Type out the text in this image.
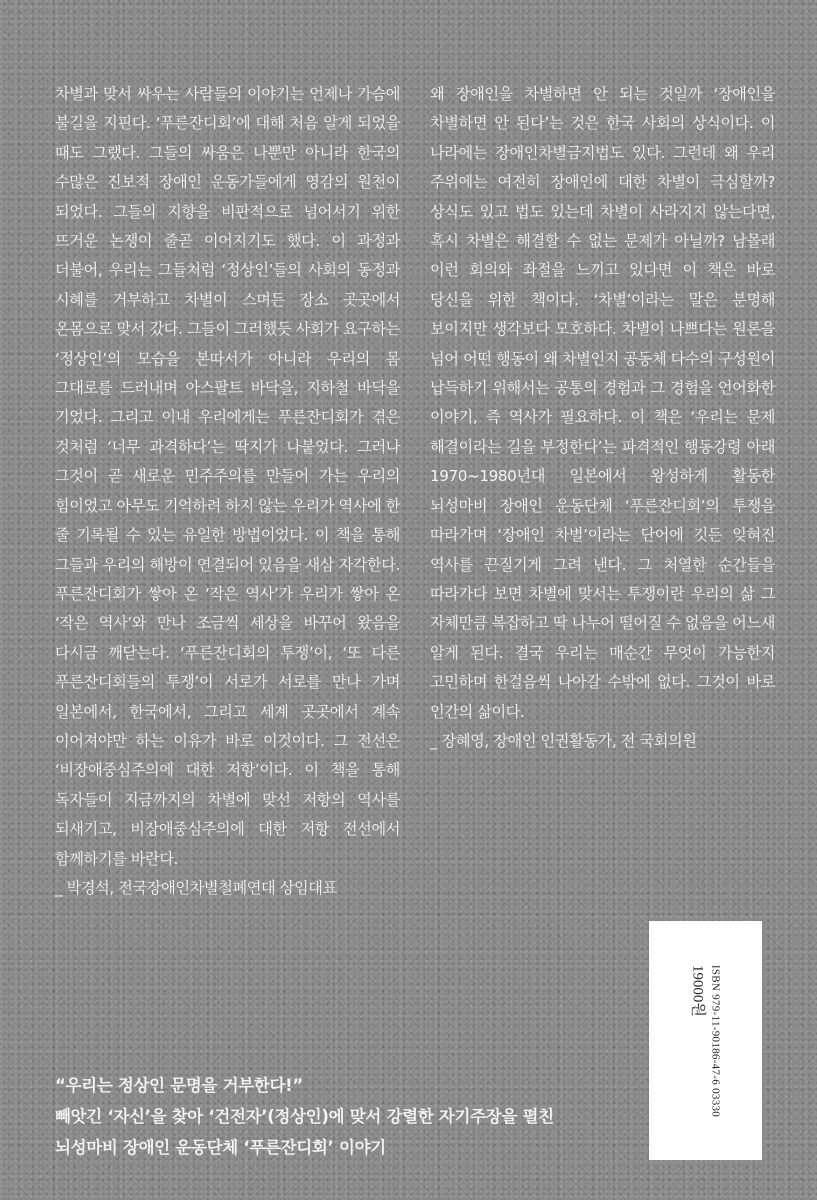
차별과 맞서 싸우는 사람들의 이야기는 언제나 가슴에 불길을 지핀다. ‘푸른잔디회’에 대해 처음 알게 되었을 때도 그랬다. 그들의 싸움은 나뿐만 아니라 한국의 수많은 진보적 장애인 운동가들에게 영감의 원천이 되었다. 그들의 지향을 비판적으로 넘어서기 위한 뜨거운 논쟁이 줄곧 이어지기도 했다. 이 과정과 더불어, 우리는 그들처럼 ‘정상인’들의 사회의 동정과 시혜를 거부하고 차별이 스며든 장소 곳곳에서 온몸으로 맞서 갔다. 그들이 그러했듯 사회가 요구하는 ‘정상인’의 모습을 본따서가 아니라 우리의 몸 그대로를 드러내며 아스팔트 바닥을, 지하철 바닥을 기었다. 그리고 이내 우리에게는 푸른잔디회가 겪은 것처럼 ‘너무 과격하다’는 딱지가 나붙었다. 그러나 그것이 곧 새로운 민주주의를 만들어 가는 우리의 힘이었고 아무도 기억하려 하지 않는 우리가 역사에 한 줄 기록될 수 있는 유일한 방법이었다. 이 책을 통해 그들과 우리의 해방이 연결되어 있음을 새삼 자각한다. 푸른잔디회가 쌓아 온 ‘작은 역사’가 우리가 쌓아 온 ‘작은 역사’와 만나 조금씩 세상을 바꾸어 왔음을 다시금 깨닫는다. ‘푸른잔디회의 투쟁’이, ‘또 다른 푸른잔디회들의 투쟁’이 서로가 서로를 만나 가며 일본에서, 한국에서, 그리고 세계 곳곳에서 계속 이어져야만 하는 이유가 바로 이것이다. 그 전선은 ‘비장애중심주의에 대한 저항’이다. 이 책을 통해 독자들이 지금까지의 차별에 맞선 저항의 역사를 되새기고, 비장애중심주의에 대한 저항 전선에서 함께하기를 바란다.

_ 박경석, 전국장애인차별철폐연대 상임대표

왜 장애인을 차별하면 안 되는 것일까 ‘장애인을 차별하면 안 된다’는 것은 한국 사회의 상식이다. 이 나라에는 장애인차별금지법도 있다. 그런데 왜 우리 주위에는 여전히 장애인에 대한 차별이 극심할까? 상식도 있고 법도 있는데 차별이 사라지지 않는다면, 혹시 차별은 해결할 수 없는 문제가 아닐까? 남몰래 이런 회의와 좌절을 느끼고 있다면 이 책은 바로 당신을 위한 책이다. ‘차별’이라는 말은 분명해 보이지만 생각보다 모호하다. 차별이 나쁘다는 원론을 넘어 어떤 행동이 왜 차별인지 공동체 다수의 구성원이 납득하기 위해서는 공통의 경험과 그 경험을 언어화한 이야기, 즉 역사가 필요하다. 이 책은 ‘우리는 문제 해결이라는 길을 부정한다’는 파격적인 행동강령 아래 1970~1980년대 일본에서 왕성하게 활동한 뇌성마비 장애인 운동단체 ‘푸른잔디회’의 투쟁을 따라가며 ‘장애인 차별’이라는 단어에 깃든 잊혀진 역사를 끈질기게 그려 낸다. 그 처열한 순간들을 따라가다 보면 차별에 맞서는 투쟁이란 우리의 삶 그 자체만큼 복잡하고 딱 나누어 떨어질 수 없음을 어느새 알게 된다. 결국 우리는 매순간 무엇이 가능한지 고민하며 한걸음씩 나아갈 수밖에 없다. 그것이 바로 인간의 삶이다.

_ 장혜영, 장애인 인권활동가, 전 국회의원

ISBN 979-11-90186-47-6 03330
19000원
“우리는 정상인 문명을 거부한다!”
빼앗긴 ‘자신’을 찾아 ‘건전자’(정상인)에 맞서 강렬한 자기주장을 펼친
뇌성마비 장애인 운동단체 ‘푸른잔디회’ 이야기
